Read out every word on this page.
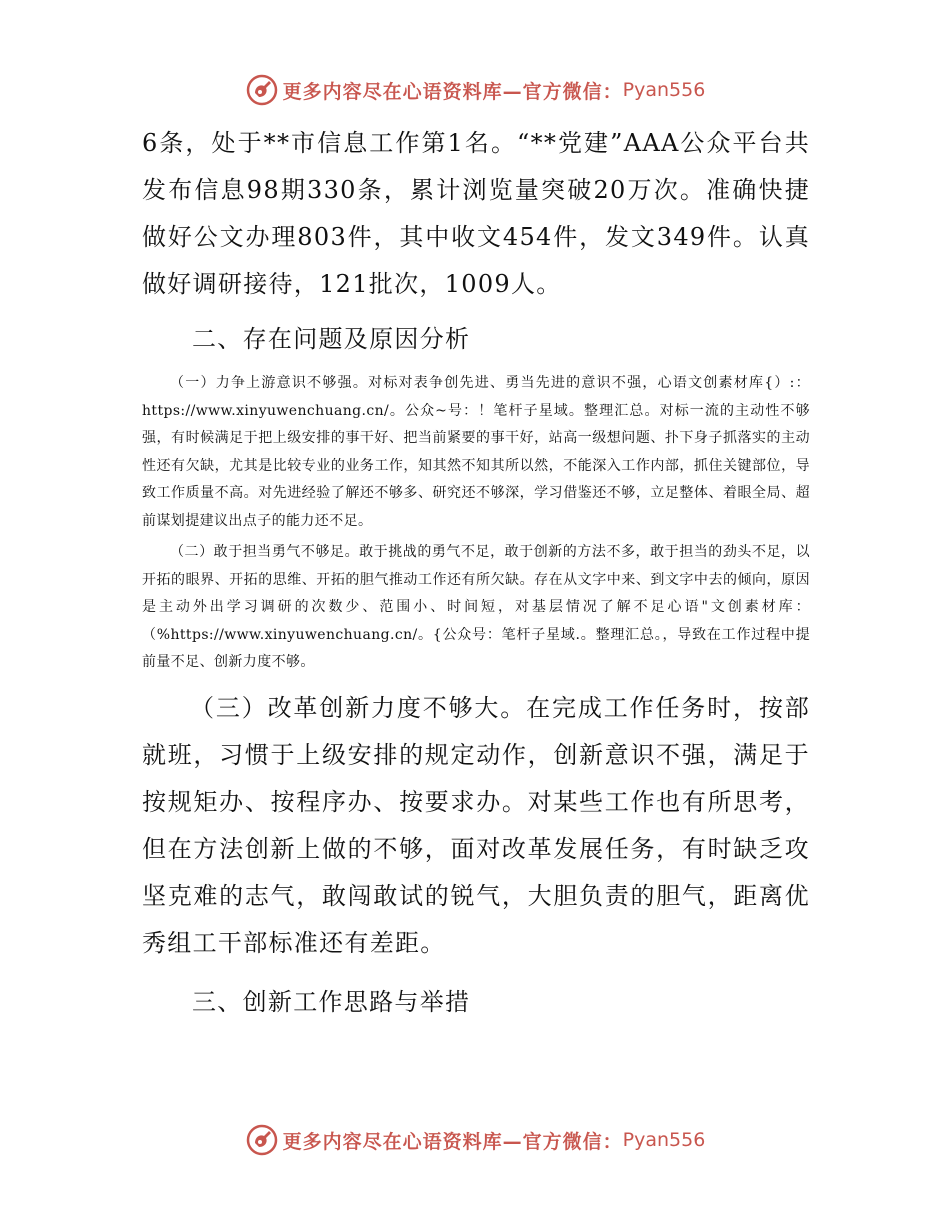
更多内容尽在心语资料库—官方微信： Pyan556

6条，处于**市信息工作第1名。“**党建”AAA公众平台共发布信息98期330条，累计浏览量突破20万次。准确快捷做好公文办理803件，其中收文454件，发文349件。认真做好调研接待，121批次，1009人。

二、存在问题及原因分析

（一）力争上游意识不够强。对标对表争创先进、勇当先进的意识不强，心语文创素材库{）:：https://www.xinyuwenchuang.cn/。公众~号：！笔杆子星域。整理汇总。对标一流的主动性不够强，有时候满足于把上级安排的事干好、把当前紧要的事干好，站高一级想问题、扑下身子抓落实的主动性还有欠缺，尤其是比较专业的业务工作，知其然不知其所以然，不能深入工作内部，抓住关键部位，导致工作质量不高。对先进经验了解还不够多、研究还不够深，学习借鉴还不够，立足整体、着眼全局、超前谋划提建议出点子的能力还不足。

（二）敢于担当勇气不够足。敢于挑战的勇气不足，敢于创新的方法不多，敢于担当的劲头不足，以开拓的眼界、开拓的思维、开拓的胆气推动工作还有所欠缺。存在从文字中来、到文字中去的倾向，原因是主动外出学习调研的次数少、范围小、时间短，对基层情况了解不足心语"文创素材库：（%https://www.xinyuwenchuang.cn/。{公众号：笔杆子星域.。整理汇总。，导致在工作过程中提前量不足、创新力度不够。

（三）改革创新力度不够大。在完成工作任务时，按部就班，习惯于上级安排的规定动作，创新意识不强，满足于按规矩办、按程序办、按要求办。对某些工作也有所思考，但在方法创新上做的不够，面对改革发展任务，有时缺乏攻坚克难的志气，敢闯敢试的锐气，大胆负责的胆气，距离优秀组工干部标准还有差距。

三、创新工作思路与举措

更多内容尽在心语资料库—官方微信： Pyan556
